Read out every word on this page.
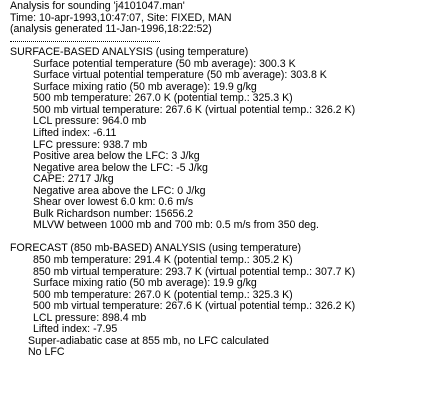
Analysis for sounding 'j4101047.man'
Time: 10-apr-1993,10:47:07, Site: FIXED, MAN
(analysis generated 11-Jan-1996,18:22:52)
SURFACE-BASED ANALYSIS (using temperature)
Surface potential temperature (50 mb average): 300.3 K
Surface virtual potential temperature (50 mb average): 303.8 K
Surface mixing ratio (50 mb average): 19.9 g/kg
500 mb temperature: 267.0 K (potential temp.: 325.3 K)
500 mb virtual temperature: 267.6 K (virtual potential temp.: 326.2 K)
LCL pressure: 964.0 mb
Lifted index: -6.11
LFC pressure: 938.7 mb
Positive area below the LFC: 3 J/kg
Negative area below the LFC: -5 J/kg
CAPE: 2717 J/kg
Negative area above the LFC: 0 J/kg
Shear over lowest 6.0 km: 0.6 m/s
Bulk Richardson number: 15656.2
MLVW between 1000 mb and 700 mb: 0.5 m/s from 350 deg.
FORECAST (850 mb-BASED) ANALYSIS (using temperature)
850 mb temperature: 291.4 K (potential temp.: 305.2 K)
850 mb virtual temperature: 293.7 K (virtual potential temp.: 307.7 K)
Surface mixing ratio (50 mb average): 19.9 g/kg
500 mb temperature: 267.0 K (potential temp.: 325.3 K)
500 mb virtual temperature: 267.6 K (virtual potential temp.: 326.2 K)
LCL pressure: 898.4 mb
Lifted index: -7.95
Super-adiabatic case at 855 mb, no LFC calculated
No LFC
